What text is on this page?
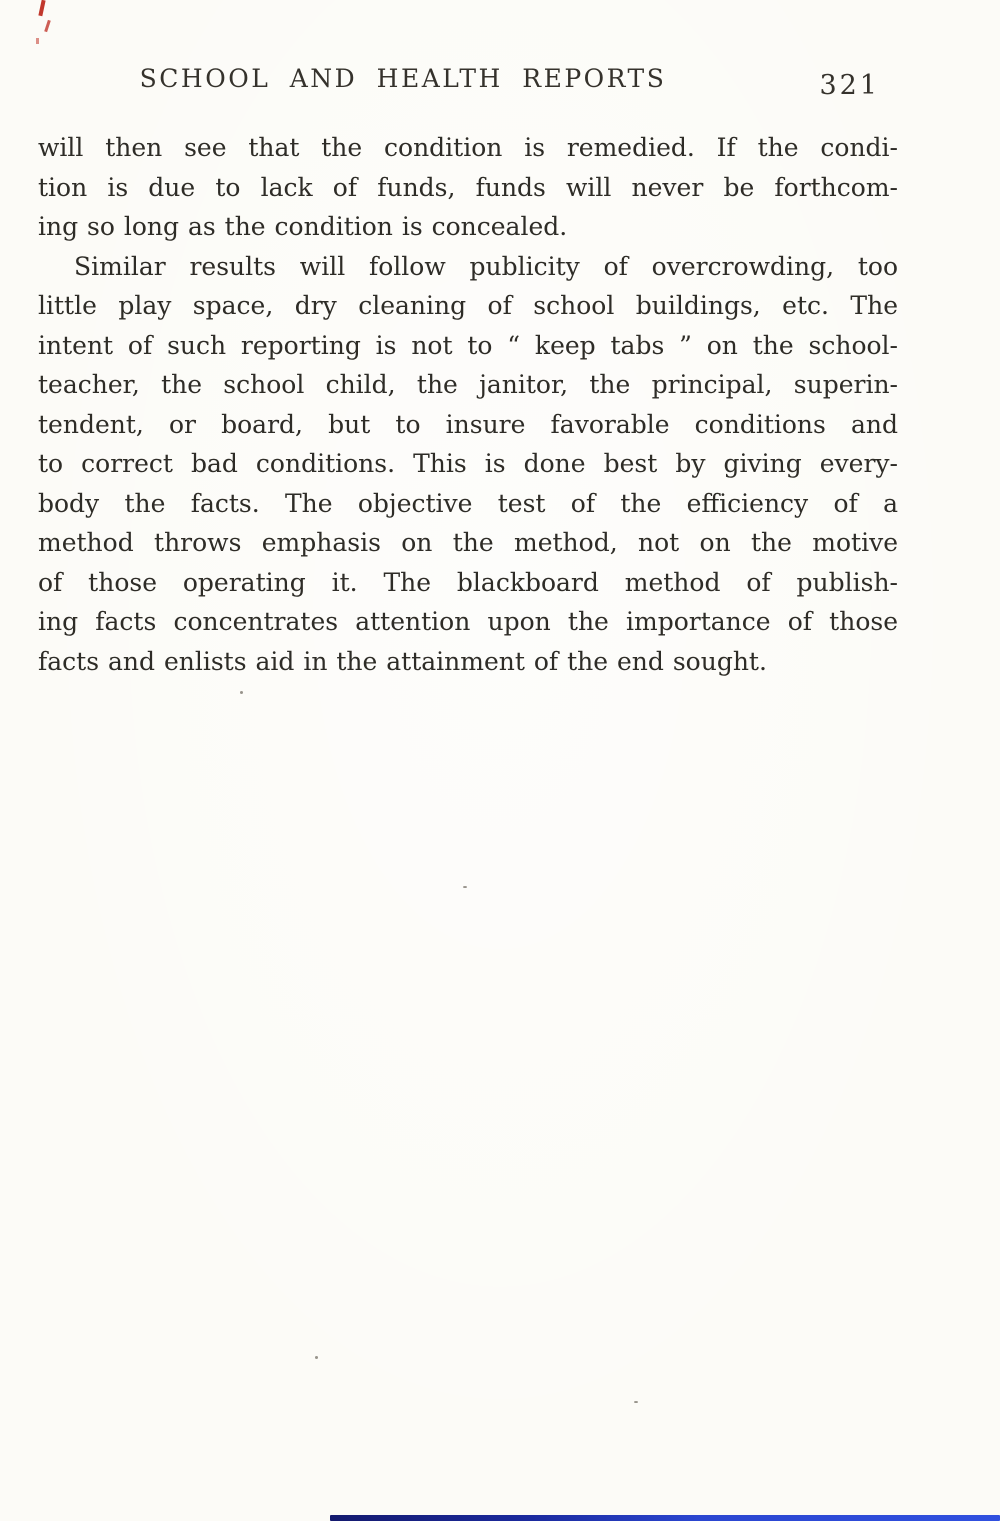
SCHOOL AND HEALTH REPORTS	321
will then see that the condition is remedied. If the condi-
tion is due to lack of funds, funds will never be forthcom-
ing so long as the condition is concealed.
Similar results will follow publicity of overcrowding, too
little play space, dry cleaning of school buildings, etc. The
intent of such reporting is not to “ keep tabs ” on the school-
teacher, the school child, the janitor, the principal, superin-
tendent, or board, but to insure favorable conditions and
to correct bad conditions. This is done best by giving every-
body the facts. The objective test of the efficiency of a
method throws emphasis on the method, not on the motive
of those operating it. The blackboard method of publish-
ing facts concentrates attention upon the importance of those
facts and enlists aid in the attainment of the end sought.
